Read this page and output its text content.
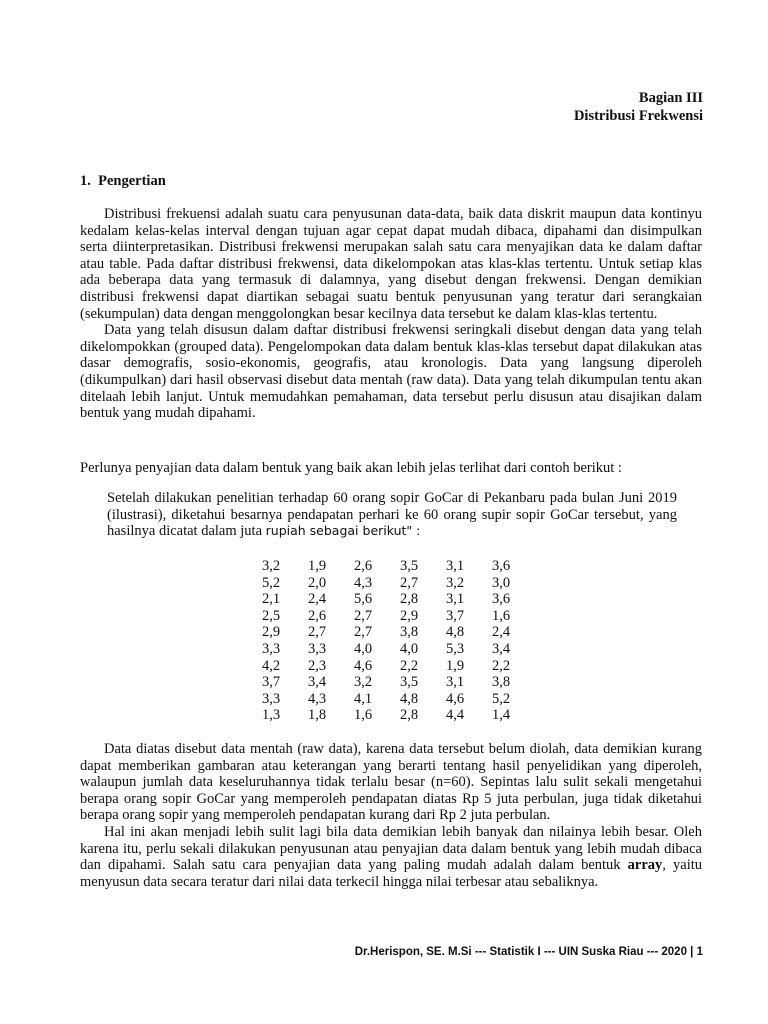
Bagian III
Distribusi Frekwensi
1. Pengertian

Distribusi frekuensi adalah suatu cara penyusunan data-data, baik data diskrit maupun data kontinyu kedalam kelas-kelas interval dengan tujuan agar cepat dapat mudah dibaca, dipahami dan disimpulkan serta diinterpretasikan. Distribusi frekwensi merupakan salah satu cara menyajikan data ke dalam daftar atau table. Pada daftar distribusi frekwensi, data dikelompokan atas klas-klas tertentu. Untuk setiap klas ada beberapa data yang termasuk di dalamnya, yang disebut dengan frekwensi. Dengan demikian distribusi frekwensi dapat diartikan sebagai suatu bentuk penyusunan yang teratur dari serangkaian (sekumpulan) data dengan menggolongkan besar kecilnya data tersebut ke dalam klas-klas tertentu.

Data yang telah disusun dalam daftar distribusi frekwensi seringkali disebut dengan data yang telah dikelompokkan (grouped data). Pengelompokan data dalam bentuk klas-klas tersebut dapat dilakukan atas dasar demografis, sosio-ekonomis, geografis, atau kronologis. Data yang langsung diperoleh (dikumpulkan) dari hasil observasi disebut data mentah (raw data). Data yang telah dikumpulan tentu akan ditelaah lebih lanjut. Untuk memudahkan pemahaman, data tersebut perlu disusun atau disajikan dalam bentuk yang mudah dipahami.

Perlunya penyajian data dalam bentuk yang baik akan lebih jelas terlihat dari contoh berikut :
Setelah dilakukan penelitian terhadap 60 orang sopir GoCar di Pekanbaru pada bulan Juni 2019 (ilustrasi), diketahui besarnya pendapatan perhari ke 60 orang supir sopir GoCar tersebut, yang hasilnya dicatat dalam juta rupiah sebagai berikut" :
3,2	1,9	2,6	3,5	3,1	3,6
5,2	2,0	4,3	2,7	3,2	3,0
2,1	2,4	5,6	2,8	3,1	3,6
2,5	2,6	2,7	2,9	3,7	1,6
2,9	2,7	2,7	3,8	4,8	2,4
3,3	3,3	4,0	4,0	5,3	3,4
4,2	2,3	4,6	2,2	1,9	2,2
3,7	3,4	3,2	3,5	3,1	3,8
3,3	4,3	4,1	4,8	4,6	5,2
1,3	1,8	1,6	2,8	4,4	1,4

Data diatas disebut data mentah (raw data), karena data tersebut belum diolah, data demikian kurang dapat memberikan gambaran atau keterangan yang berarti tentang hasil penyelidikan yang diperoleh, walaupun jumlah data keseluruhannya tidak terlalu besar (n=60). Sepintas lalu sulit sekali mengetahui berapa orang sopir GoCar yang memperoleh pendapatan diatas Rp 5 juta perbulan, juga tidak diketahui berapa orang sopir yang memperoleh pendapatan kurang dari Rp 2 juta perbulan.

Hal ini akan menjadi lebih sulit lagi bila data demikian lebih banyak dan nilainya lebih besar. Oleh karena itu, perlu sekali dilakukan penyusunan atau penyajian data dalam bentuk yang lebih mudah dibaca dan dipahami. Salah satu cara penyajian data yang paling mudah adalah dalam bentuk array, yaitu menyusun data secara teratur dari nilai data terkecil hingga nilai terbesar atau sebaliknya.

Dr.Herispon, SE. M.Si --- Statistik I --- UIN Suska Riau --- 2020 | 1
